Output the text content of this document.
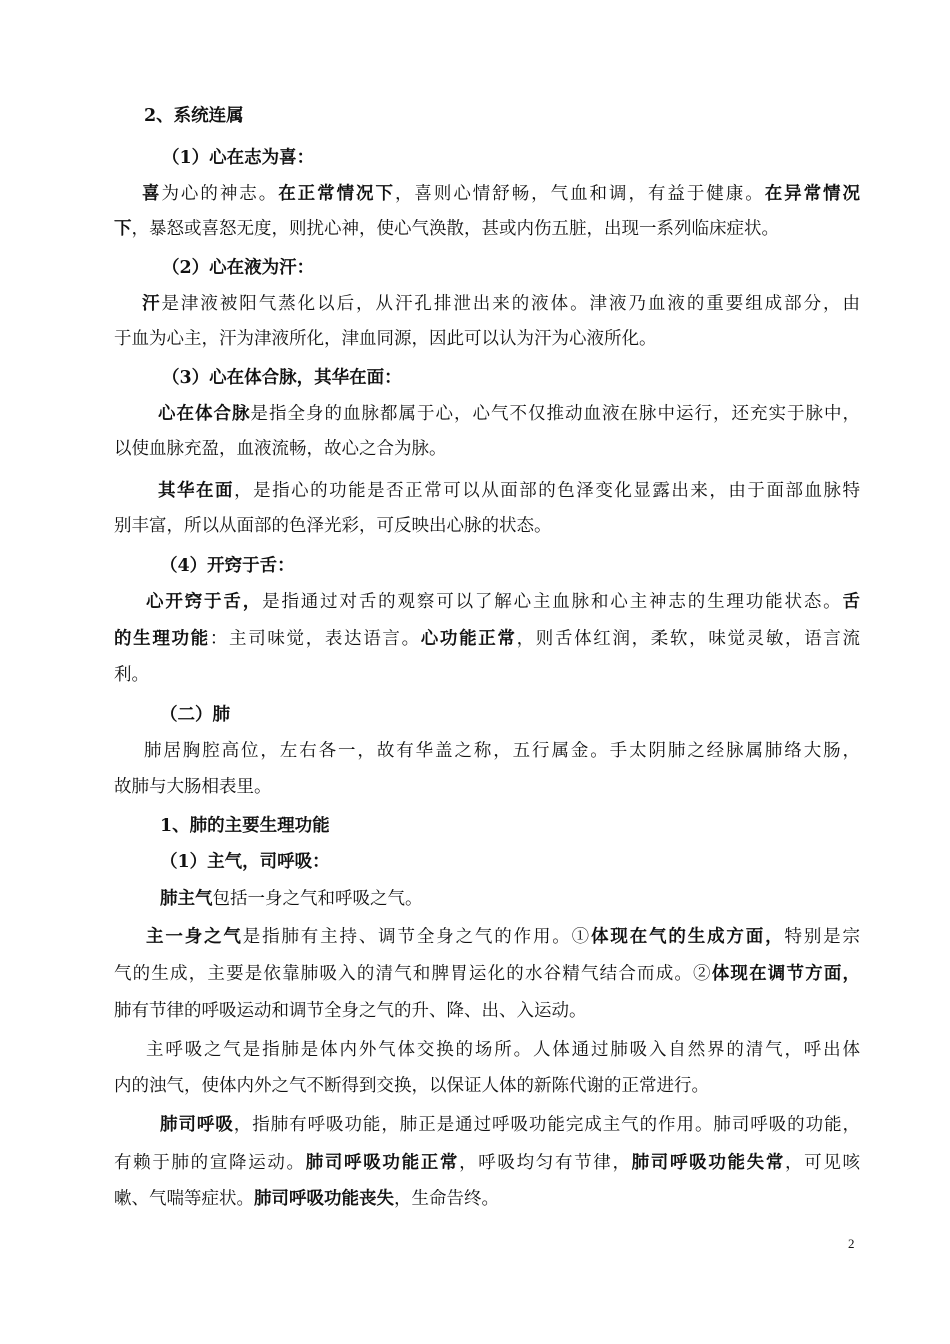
2、系统连属
（1）心在志为喜：
喜为心的神志。在正常情况下，喜则心情舒畅，气血和调，有益于健康。在异常情况
下，暴怒或喜怒无度，则扰心神，使心气涣散，甚或内伤五脏，出现一系列临床症状。
（2）心在液为汗：
汗是津液被阳气蒸化以后，从汗孔排泄出来的液体。津液乃血液的重要组成部分，由
于血为心主，汗为津液所化，津血同源，因此可以认为汗为心液所化。
（3）心在体合脉，其华在面：
心在体合脉是指全身的血脉都属于心，心气不仅推动血液在脉中运行，还充实于脉中，
以使血脉充盈，血液流畅，故心之合为脉。
其华在面，是指心的功能是否正常可以从面部的色泽变化显露出来，由于面部血脉特
别丰富，所以从面部的色泽光彩，可反映出心脉的状态。
（4）开窍于舌：
心开窍于舌，是指通过对舌的观察可以了解心主血脉和心主神志的生理功能状态。舌
的生理功能：主司味觉，表达语言。心功能正常，则舌体红润，柔软，味觉灵敏，语言流
利。
（二）肺
肺居胸腔高位，左右各一，故有华盖之称，五行属金。手太阴肺之经脉属肺络大肠，
故肺与大肠相表里。
1、肺的主要生理功能
（1）主气，司呼吸：
肺主气包括一身之气和呼吸之气。
主一身之气是指肺有主持、调节全身之气的作用。①体现在气的生成方面，特别是宗
气的生成，主要是依靠肺吸入的清气和脾胃运化的水谷精气结合而成。②体现在调节方面，
肺有节律的呼吸运动和调节全身之气的升、降、出、入运动。
主呼吸之气是指肺是体内外气体交换的场所。人体通过肺吸入自然界的清气，呼出体
内的浊气，使体内外之气不断得到交换，以保证人体的新陈代谢的正常进行。
肺司呼吸，指肺有呼吸功能，肺正是通过呼吸功能完成主气的作用。肺司呼吸的功能，
有赖于肺的宣降运动。肺司呼吸功能正常，呼吸均匀有节律，肺司呼吸功能失常，可见咳
嗽、气喘等症状。肺司呼吸功能丧失，生命告终。
2
